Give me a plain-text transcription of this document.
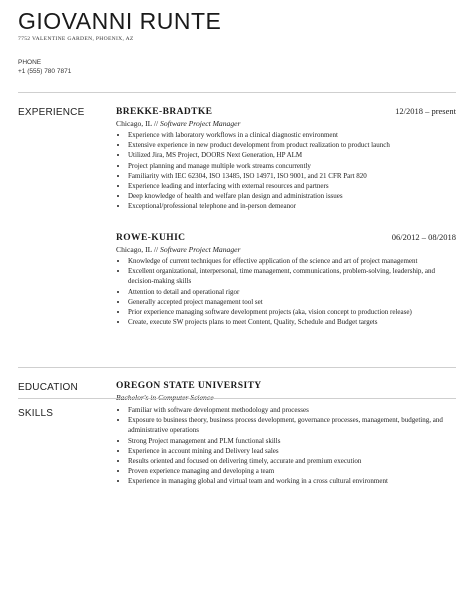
GIOVANNI RUNTE
7752 VALENTINE GARDEN, PHOENIX, AZ
PHONE
+1 (555) 780 7871
EXPERIENCE	BREKKE-BRADTKE	12/2018 – present
Chicago, IL // Software Project Manager
• Experience with laboratory workflows in a clinical diagnostic environment
• Extensive experience in new product development from product realization to product launch
• Utilized Jira, MS Project, DOORS Next Generation, HP ALM
• Project planning and manage multiple work streams concurrently
• Familiarity with IEC 62304, ISO 13485, ISO 14971, ISO 9001, and 21 CFR Part 820
• Experience leading and interfacing with external resources and partners
• Deep knowledge of health and welfare plan design and administration issues
• Exceptional/professional telephone and in-person demeanor
ROWE-KUHIC	06/2012 – 08/2018
Chicago, IL // Software Project Manager
• Knowledge of current techniques for effective application of the science and art of project management
• Excellent organizational, interpersonal, time management, communications, problem-solving, leadership, and decision-making skills
• Attention to detail and operational rigor
• Generally accepted project management tool set
• Prior experience managing software development projects (aka, vision concept to production release)
• Create, execute SW projects plans to meet Content, Quality, Schedule and Budget targets
EDUCATION	OREGON STATE UNIVERSITY
Bachelor's in Computer Science
SKILLS
•	Familiar with software development methodology and processes
• Exposure to business theory, business process development, governance processes, management, budgeting, and administrative operations
• Strong Project management and PLM functional skills
• Experience in account mining and Delivery lead sales
• Results oriented and focused on delivering timely, accurate and premium execution
• Proven experience managing and developing a team
• Experience in managing global and virtual team and working in a cross cultural environment
